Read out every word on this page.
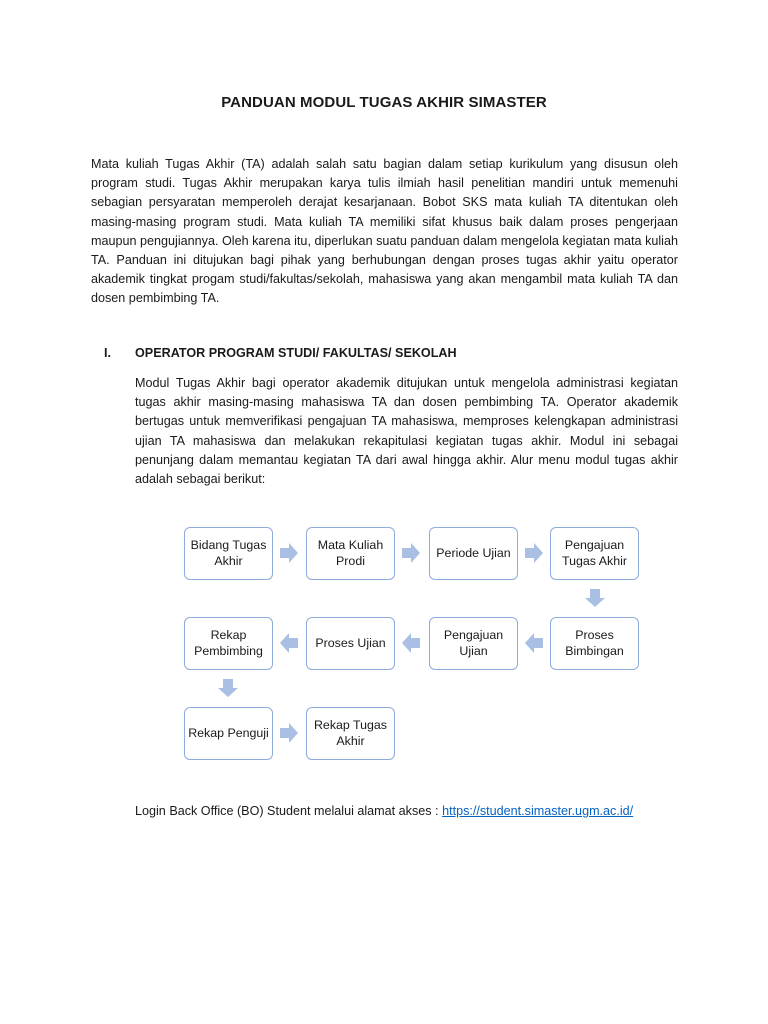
PANDUAN MODUL TUGAS AKHIR SIMASTER

Mata kuliah Tugas Akhir (TA) adalah salah satu bagian dalam setiap kurikulum yang disusun oleh program studi. Tugas Akhir merupakan karya tulis ilmiah hasil penelitian mandiri untuk memenuhi sebagian persyaratan memperoleh derajat kesarjanaan. Bobot SKS mata kuliah TA ditentukan oleh masing-masing program studi. Mata kuliah TA memiliki sifat khusus baik dalam proses pengerjaan maupun pengujiannya. Oleh karena itu, diperlukan suatu panduan dalam mengelola kegiatan mata kuliah TA. Panduan ini ditujukan bagi pihak yang berhubungan dengan proses tugas akhir yaitu operator akademik tingkat progam studi/fakultas/sekolah, mahasiswa yang akan mengambil mata kuliah TA dan dosen pembimbing TA.

I. OPERATOR PROGRAM STUDI/ FAKULTAS/ SEKOLAH

Modul Tugas Akhir bagi operator akademik ditujukan untuk mengelola administrasi kegiatan tugas akhir masing-masing mahasiswa TA dan dosen pembimbing TA. Operator akademik bertugas untuk memverifikasi pengajuan TA mahasiswa, memproses kelengkapan administrasi ujian TA mahasiswa dan melakukan rekapitulasi kegiatan tugas akhir. Modul ini sebagai penunjang dalam memantau kegiatan TA dari awal hingga akhir. Alur menu modul tugas akhir adalah sebagai berikut:

Bidang Tugas Akhir
Mata Kuliah Prodi
Periode Ujian
Pengajuan Tugas Akhir
Proses Bimbingan
Pengajuan Ujian
Proses Ujian
Rekap Pembimbing
Rekap Penguji
Rekap Tugas Akhir
Login Back Office (BO) Student melalui alamat akses : https://student.simaster.ugm.ac.id/
